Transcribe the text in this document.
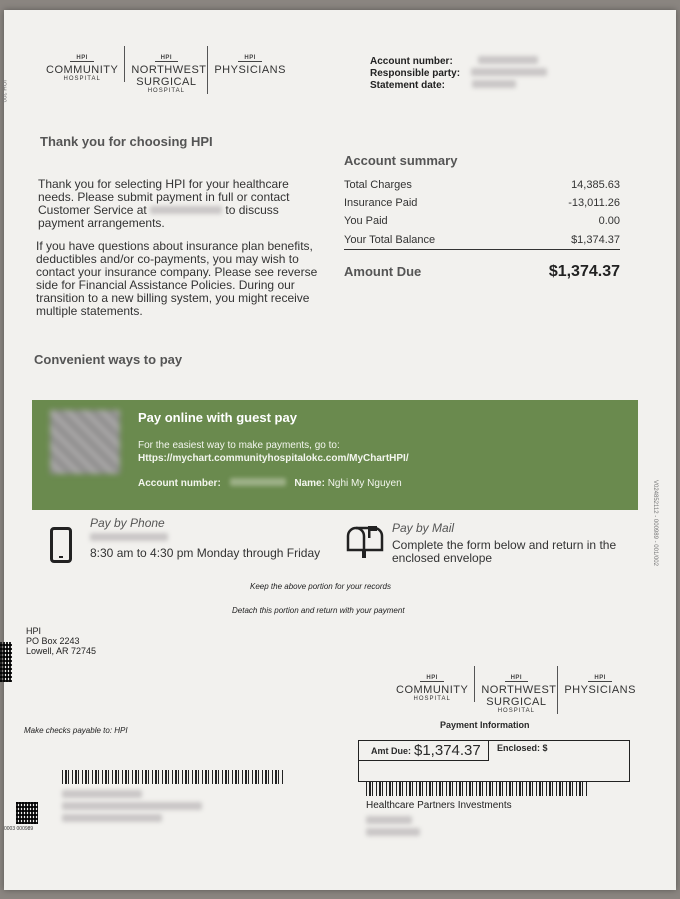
HPI
COMMUNITY
HOSPITAL
HPI
NORTHWEST SURGICAL
HOSPITAL
HPI
PHYSICIANS
IOH 200
Account number:
Responsible party:
Statement date:
Thank you for choosing HPI
Thank you for selecting HPI for your healthcare needs. Please submit payment in full or contact Customer Service at	to discuss payment arrangements.
If you have questions about insurance plan benefits, deductibles and/or co-payments, you may wish to contact your insurance company. Please see reverse side for Financial Assistance Policies. During our transition to a new billing system, you might receive multiple statements.
Account summary
Total Charges	14,385.63
Insurance Paid	-13,011.26
You Paid	0.00
Your Total Balance	$1,374.37
Amount Due	$1,374.37
Convenient ways to pay
Pay online with guest pay
For the easiest way to make payments, go to:
Https://mychart.communityhospitalokc.com/MyChartHPI/
Account number:	Name: Nghi My Nguyen	V024852112 - 000989 - 001/002
Pay by Phone
8:30 am to 4:30 pm Monday through Friday
Pay by Mail
Complete the form below and return in the enclosed envelope
Keep the above portion for your records
Detach this portion and return with your payment
HPI
PO Box 2243
Lowell, AR 72745
HPI
COMMUNITY
HOSPITAL
HPI
NORTHWEST SURGICAL
HOSPITAL
HPI
PHYSICIANS
Make checks payable to: HPI
Payment Information
Amt Due: $1,374.37 Enclosed: $
0003 000989
Healthcare Partners Investments
